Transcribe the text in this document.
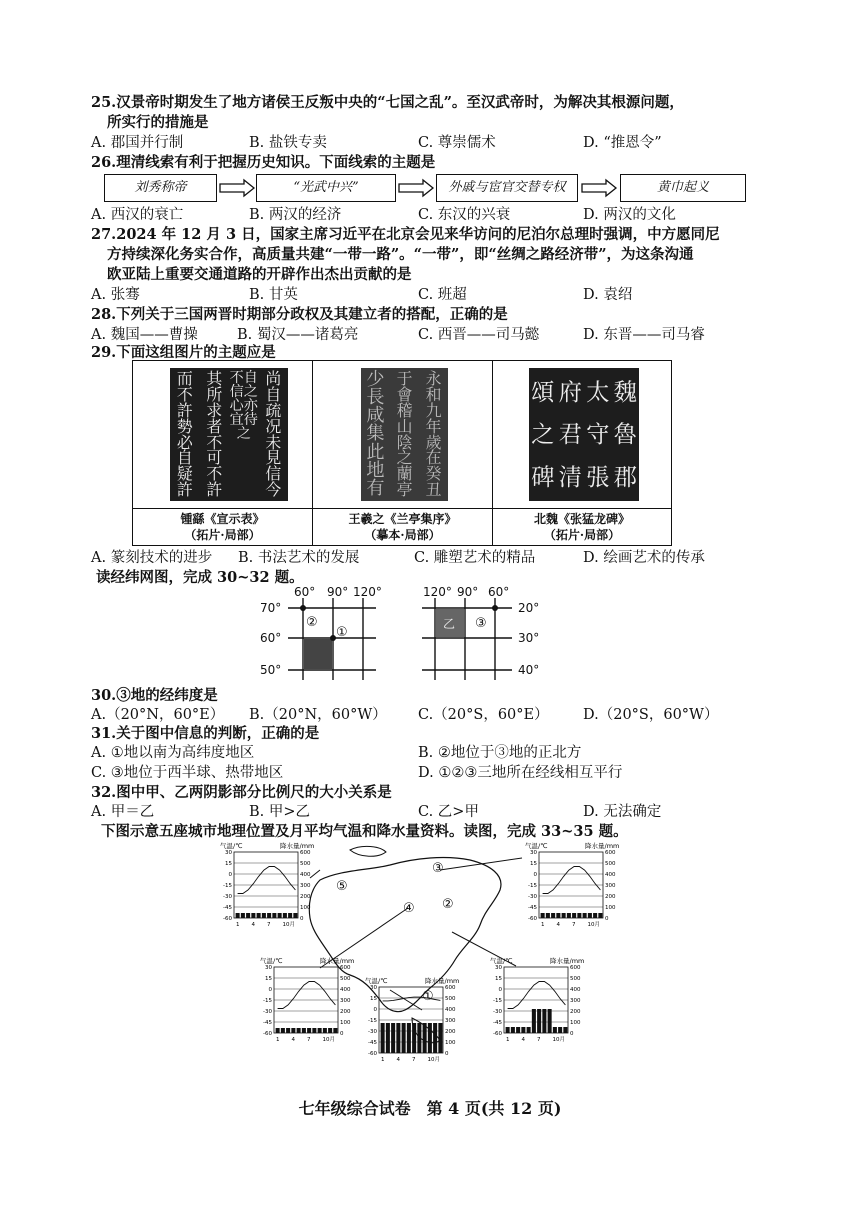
25.汉景帝时期发生了地方诸侯王反叛中央的“七国之乱”。至汉武帝时，为解决其根源问题，
所实行的措施是
A. 郡国并行制	B. 盐铁专卖	C. 尊崇儒术	D. “推恩令”
26.理清线索有利于把握历史知识。下面线索的主题是
刘秀称帝	“光武中兴”	外戚与宦官交替专权	黄巾起义
A. 西汉的衰亡	B. 两汉的经济	C. 东汉的兴衰	D. 两汉的文化
27.2024 年 12 月 3 日，国家主席习近平在北京会见来华访问的尼泊尔总理时强调，中方愿同尼
方持续深化务实合作，高质量共建“一带一路”。“一带”，即“丝绸之路经济带”，为这条沟通
欧亚陆上重要交通道路的开辟作出杰出贡献的是
A. 张骞	B. 甘英	C. 班超	D. 袁绍
28.下列关于三国两晋时期部分政权及其建立者的搭配，正确的是
A. 魏国——曹操	B. 蜀汉——诸葛亮	C. 西晋——司马懿	D. 东晋——司马睿
29.下面这组图片的主题应是
尚自疏况未見信今
不自信之心亦宜待之
其所求者不可不許
而不許勢必自疑許
锺繇《宣示表》
（拓片·局部）
永和九年歲在癸丑
于會稽山陰之蘭亭
少長咸集此地有
王羲之《兰亭集序》
（摹本·局部）
魏魯郡
太守張
府君清
頌之碑
北魏《张猛龙碑》
（拓片·局部）
A. 篆刻技术的进步 B. 书法艺术的发展	C. 雕塑艺术的精品	D. 绘画艺术的传承
读经纬网图，完成 30~32 题。
60° 90° 120°
70°
60°
50°
②
①
120° 90° 60°
20°
30°
40°
乙 ③
30.③地的经纬度是
A.（20°N，60°E） B.（20°N，60°W） C.（20°S，60°E） D.（20°S，60°W）
31.关于图中信息的判断，正确的是
A. ①地以南为高纬度地区	B. ②地位于③地的正北方
C. ③地位于西半球、热带地区	D. ①②③三地所在经线相互平行
32.图中甲、乙两阴影部分比例尺的大小关系是
A. 甲＝乙	B. 甲>乙	C. 乙>甲	D. 无法确定
下图示意五座城市地理位置及月平均气温和降水量资料。读图，完成 33~35 题。
⑤
③
④ ②
①
气温/℃	降水量/mm
30
15
0
-15
-30
-45
-60
600
500
400
300
200
100
0
1 4 7 10月
气温/℃	降水量/mm
30
15
0
-15
-30
-45
-60
600
500
400
300
200
100
0
1 4 7 10月
气温/℃	降水量/mm
30
15
0
-15
-30
-45
-60
600
500
400
300
200
100
0
1 4 7 10月
气温/℃	降水量/mm
30
15
0
-15
-30
-45
-60
600
500
400
300
200
100
0
1 4 7 10月
气温/℃	降水量/mm
30
15
0
-15
-30
-45
-60
600
500
400
300
200
100
0
1 4 7 10月
七年级综合试卷　第 4 页(共 12 页)
